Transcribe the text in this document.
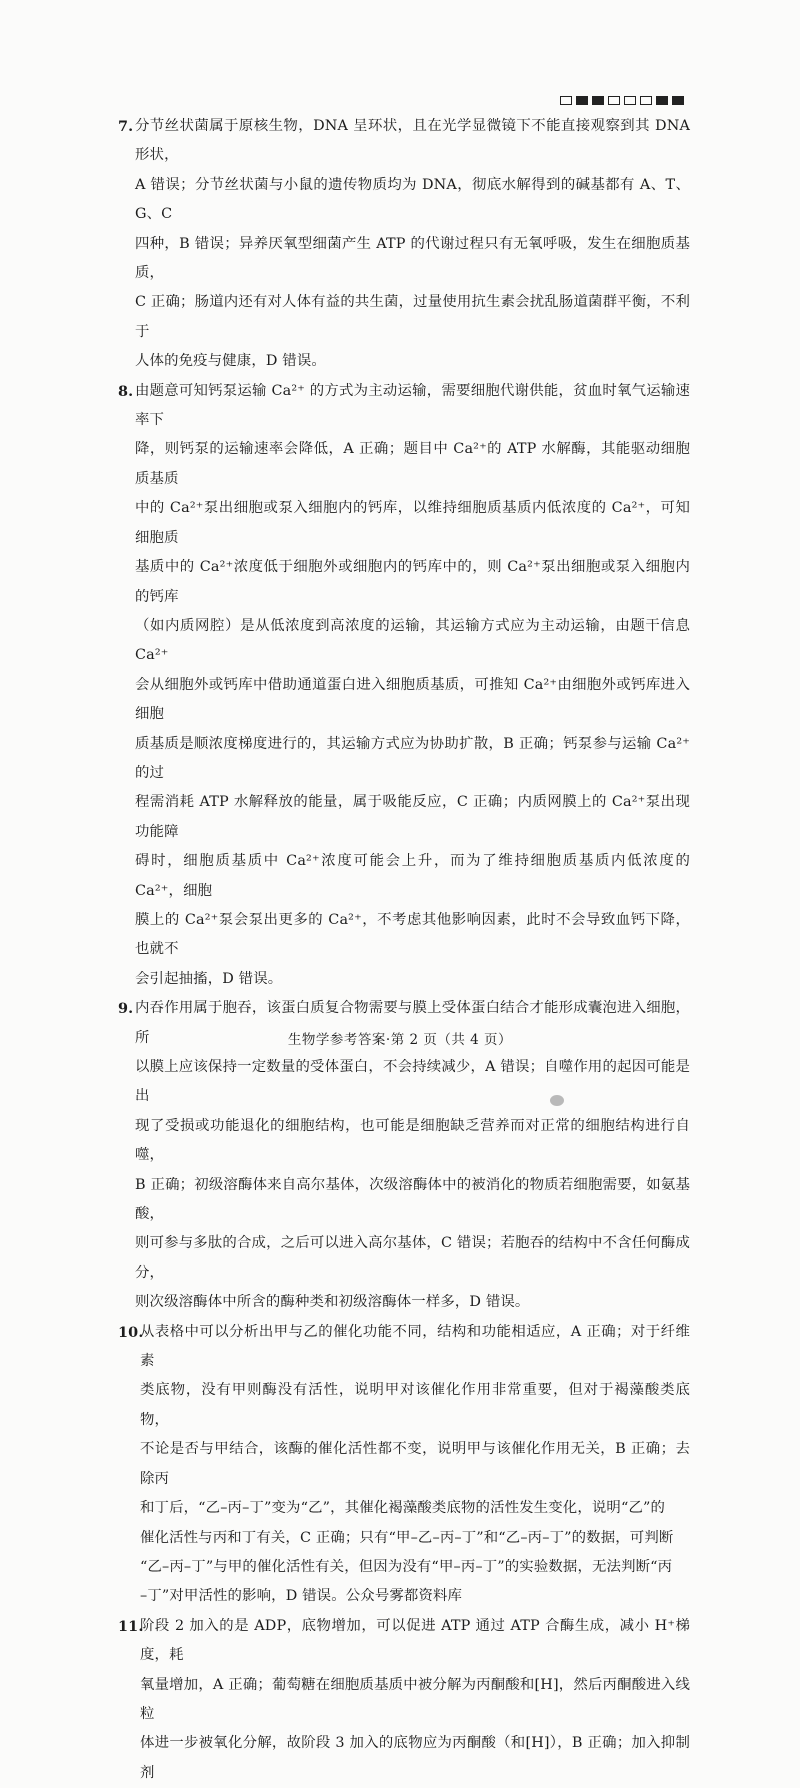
7. 分节丝状菌属于原核生物，DNA 呈环状，且在光学显微镜下不能直接观察到其 DNA 形状，
A 错误；分节丝状菌与小鼠的遗传物质均为 DNA，彻底水解得到的碱基都有 A、T、G、C
四种，B 错误；异养厌氧型细菌产生 ATP 的代谢过程只有无氧呼吸，发生在细胞质基质，
C 正确；肠道内还有对人体有益的共生菌，过量使用抗生素会扰乱肠道菌群平衡，不利于
人体的免疫与健康，D 错误。
8. 由题意可知钙泵运输 Ca²⁺ 的方式为主动运输，需要细胞代谢供能，贫血时氧气运输速率下
降，则钙泵的运输速率会降低，A 正确；题目中 Ca²⁺的 ATP 水解酶，其能驱动细胞质基质
中的 Ca²⁺泵出细胞或泵入细胞内的钙库，以维持细胞质基质内低浓度的 Ca²⁺，可知细胞质
基质中的 Ca²⁺浓度低于细胞外或细胞内的钙库中的，则 Ca²⁺泵出细胞或泵入细胞内的钙库
（如内质网腔）是从低浓度到高浓度的运输，其运输方式应为主动运输，由题干信息 Ca²⁺
会从细胞外或钙库中借助通道蛋白进入细胞质基质，可推知 Ca²⁺由细胞外或钙库进入细胞
质基质是顺浓度梯度进行的，其运输方式应为协助扩散，B 正确；钙泵参与运输 Ca²⁺的过
程需消耗 ATP 水解释放的能量，属于吸能反应，C 正确；内质网膜上的 Ca²⁺泵出现功能障
碍时，细胞质基质中 Ca²⁺浓度可能会上升，而为了维持细胞质基质内低浓度的 Ca²⁺，细胞
膜上的 Ca²⁺泵会泵出更多的 Ca²⁺，不考虑其他影响因素，此时不会导致血钙下降，也就不
会引起抽搐，D 错误。
9. 内吞作用属于胞吞，该蛋白质复合物需要与膜上受体蛋白结合才能形成囊泡进入细胞，所
以膜上应该保持一定数量的受体蛋白，不会持续减少，A 错误；自噬作用的起因可能是出
现了受损或功能退化的细胞结构，也可能是细胞缺乏营养而对正常的细胞结构进行自噬，
B 正确；初级溶酶体来自高尔基体，次级溶酶体中的被消化的物质若细胞需要，如氨基酸，
则可参与多肽的合成，之后可以进入高尔基体，C 错误；若胞吞的结构中不含任何酶成分，
则次级溶酶体中所含的酶种类和初级溶酶体一样多，D 错误。
10.
从表格中可以分析出甲与乙的催化功能不同，结构和功能相适应，A 正确；对于纤维素
类底物，没有甲则酶没有活性，说明甲对该催化作用非常重要，但对于褐藻酸类底物，
不论是否与甲结合，该酶的催化活性都不变，说明甲与该催化作用无关，B 正确；去除丙
和丁后，“乙–丙–丁”变为“乙”，其催化褐藻酸类底物的活性发生变化，说明“乙”的
催化活性与丙和丁有关，C 正确；只有“甲–乙–丙–丁”和“乙–丙–丁”的数据，可判断
“乙–丙–丁”与甲的催化活性有关，但因为没有“甲–丙–丁”的实验数据，无法判断“丙
–丁”对甲活性的影响，D 错误。公众号雾都资料库
11.
阶段 2 加入的是 ADP，底物增加，可以促进 ATP 通过 ATP 合酶生成，减小 H⁺梯度，耗
氧量增加，A 正确；葡萄糖在细胞质基质中被分解为丙酮酸和[H]，然后丙酮酸进入线粒
体进一步被氧化分解，故阶段 3 加入的底物应为丙酮酸（和[H]），B 正确；加入抑制剂
生物学参考答案·第 2 页（共 4 页）
